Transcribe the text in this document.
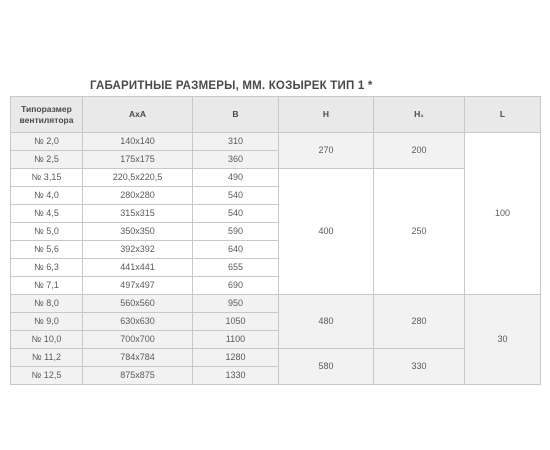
ГАБАРИТНЫЕ РАЗМЕРЫ, ММ. КОЗЫРЕК ТИП 1 *
Типоразмер вентилятора	АхА	В	H	H₁	L
№ 2,0	140х140	310	270	200	100
№ 2,5	175х175	360			
№ 3,15	220,5х220,5	490	400	250	
№ 4,0	280х280	540			
№ 4,5	315х315	540			
№ 5,0	350х350	590			
№ 5,6	392х392	640			
№ 6,3	441х441	655			
№ 7,1	497х497	690			
№ 8,0	560х560	950	480	280	30
№ 9,0	630х630	1050			
№ 10,0	700х700	1100			
№ 11,2	784х784	1280	580	330	
№ 12,5	875х875	1330			
